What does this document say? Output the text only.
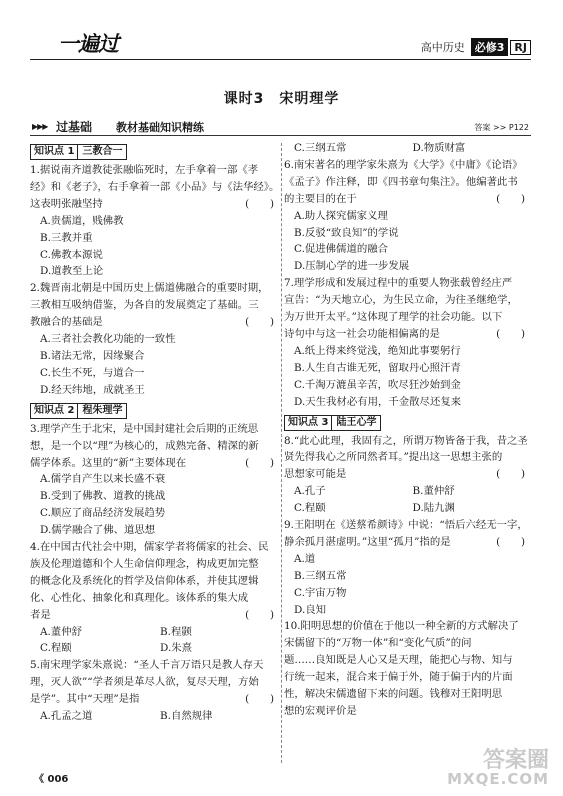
一遍过	高中历史 必修3 RJ
课时3　宋明理学
▶▶▶ 过基础 教材基础知识精练	答案 >> P122
知识点 1 三教合一
1.据说南齐道教徒张融临死时，左手拿着一部《孝
经》和《老子》，右手拿着一部《小品》与《法华经》。
这表明张融坚持	(　　)
A.贵儒道，贱佛教
B.三教并重
C.佛教本源说
D.道教至上论
2.魏晋南北朝是中国历史上儒道佛融合的重要时期，
三教相互吸纳借鉴，为各自的发展奠定了基础。三
教融合的基础是	(　　)
A.三者社会教化功能的一致性
B.诸法无常，因缘聚合
C.长生不死，与道合一
D.经天纬地，成就圣王
知识点 2 程朱理学
3.理学产生于北宋，是中国封建社会后期的正统思
想，是一个以“理”为核心的，成熟完备、精深的新
儒学体系。这里的“新”主要体现在	(　　)
A.儒学自产生以来长盛不衰
B.受到了佛教、道教的挑战
C.顺应了商品经济发展趋势
D.儒学融合了佛、道思想
4.在中国古代社会中期，儒家学者将儒家的社会、民
族及伦理道德和个人生命信仰理念，构成更加完整
的概念化及系统化的哲学及信仰体系，并使其逻辑
化、心性化、抽象化和真理化。该体系的集大成
者是	(　　)
A.董仲舒	B.程颢
C.程颐	D.朱熹
5.南宋理学家朱熹说：“圣人千言万语只是教人存天
理，灭人欲”“学者须是革尽人欲，复尽天理，方始
是学”。其中“天理”是指	(　　)
A.孔孟之道	B.自然规律
C.三纲五常	D.物质财富
6.南宋著名的理学家朱熹为《大学》《中庸》《论语》
《孟子》作注释，即《四书章句集注》。他编著此书
的主要目的在于	(　　)
A.助人探究儒家义理
B.反驳“致良知”的学说
C.促进佛儒道的融合
D.压制心学的进一步发展
7.理学形成和发展过程中的重要人物张载曾经庄严
宣告：“为天地立心，为生民立命，为往圣继绝学，
为万世开太平。”这体现了理学的社会功能。以下
诗句中与这一社会功能相偏离的是	(　　)
A.纸上得来终觉浅，绝知此事要躬行
B.人生自古谁无死，留取丹心照汗青
C.千淘万漉虽辛苦，吹尽狂沙始到金
D.天生我材必有用，千金散尽还复来
知识点 3 陆王心学
8.“此心此理，我固有之，所谓万物皆备于我，昔之圣
贤先得我心之所同然者耳。”提出这一思想主张的
思想家可能是	(　　)
A.孔子	B.董仲舒
C.程颐	D.陆九渊
9.王阳明在《送蔡希颜诗》中说：“悟后六经无一字，
静余孤月湛虚明。”这里“孤月”指的是	(　　)
A.道
B.三纲五常
C.宇宙万物
D.良知
10.阳明思想的价值在于他以一种全新的方式解决了
宋儒留下的“万物一体”和“变化气质”的问
题……良知既是人心又是天理，能把心与物、知与
行统一起来，混合来于偏于外，随于偏于内的片面
性，解决宋儒遗留下来的问题。钱穆对王阳明思
想的宏观评价是
《 006
答案圈
MXQE.COM
